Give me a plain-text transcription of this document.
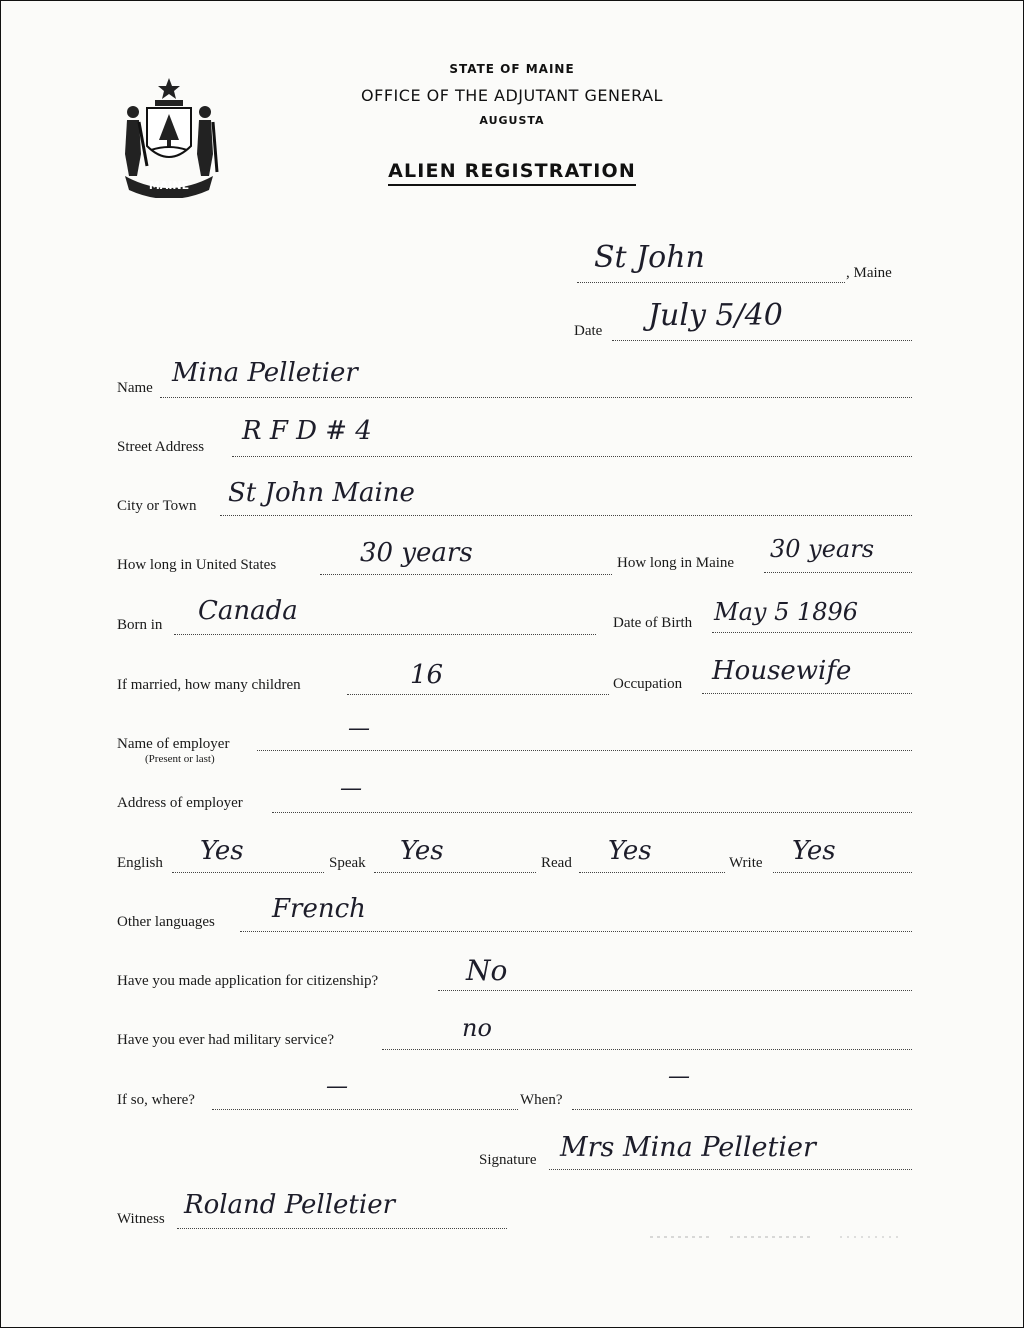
MAINE
STATE OF MAINE
OFFICE OF THE ADJUTANT GENERAL
AUGUSTA
ALIEN REGISTRATION
St John	, Maine
Date July 5/40
Name Mina Pelletier
Street Address
R F D # 4
City or Town St John Maine
How long in United States	30 years	How long in Maine 30 years
Born in Canada	Date of Birth May 5 1896
If married, how many children	16	Occupation Housewife
Name of employer
(Present or last)
—
Address of employer
—
English Yes	Speak Yes	Read Yes	Write Yes
Other languages French
Have you made application for citizenship?	No
Have you ever had military service?	no
If so, where?
—
When?
—
Signature Mrs Mina Pelletier
Witness Roland Pelletier
